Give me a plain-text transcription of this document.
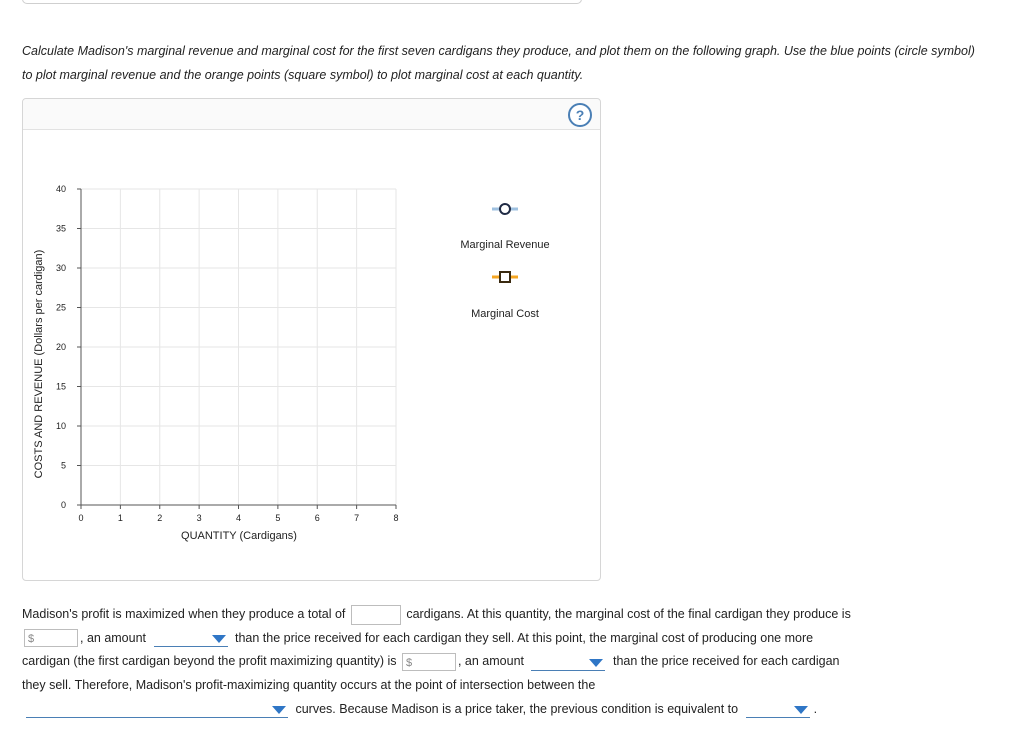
Calculate Madison's marginal revenue and marginal cost for the first seven cardigans they produce, and plot them on the following graph. Use the blue points (circle symbol) to plot marginal revenue and the orange points (square symbol) to plot marginal cost at each quantity.
?
COSTS AND REVENUE (Dollars per cardigan)
QUANTITY (Cardigans)
0	1	2	3	4	5	6	7	8
0
5
10
15
20
25
30
35
40
Marginal Revenue
Marginal Cost
Madison's profit is maximized when they produce a total of	cardigans. At this quantity, the marginal cost of the final cardigan they produce is
$	, an amount	than the price received for each cardigan they sell. At this point, the marginal cost of producing one more
cardigan (the first cardigan beyond the profit maximizing quantity) is $	, an amount	than the price received for each cardigan
they sell. Therefore, Madison's profit-maximizing quantity occurs at the point of intersection between the

curves. Because Madison is a price taker, the previous condition is equivalent to	.
